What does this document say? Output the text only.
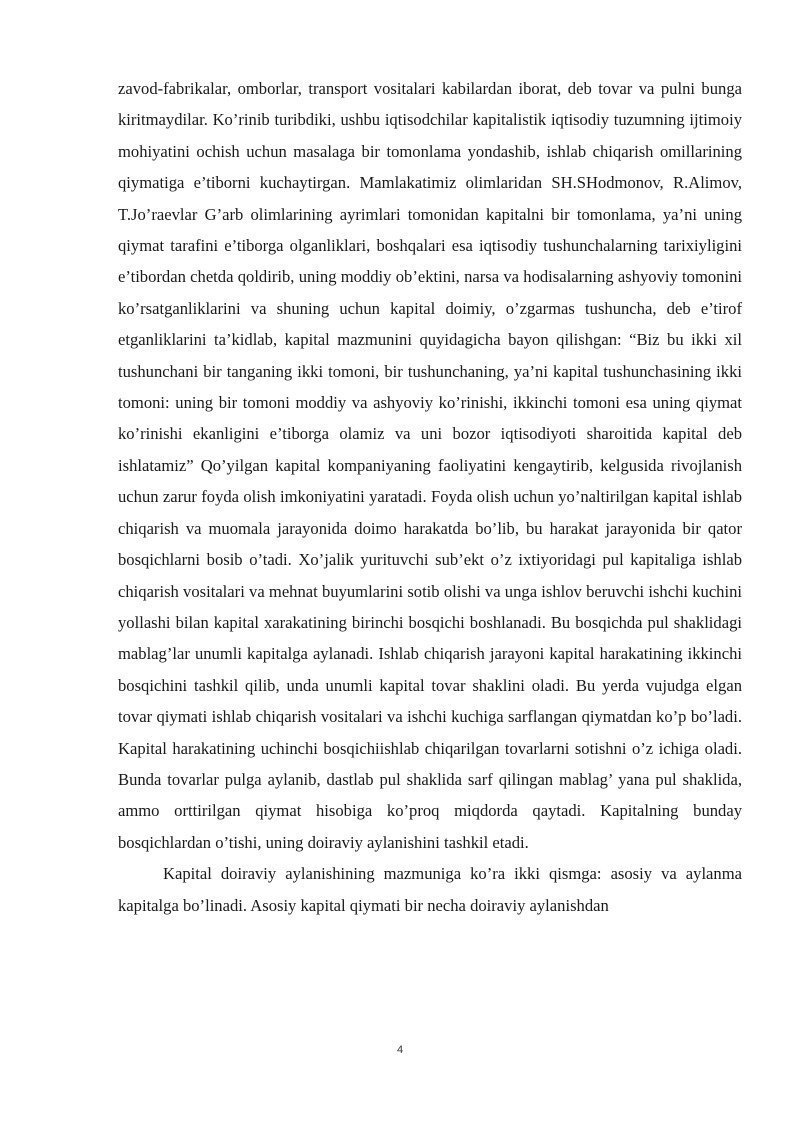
zavod-fabrikalar, omborlar, transport vositalari kabilardan iborat, deb tovar va pulni bunga kiritmaydilar. Ko’rinib turibdiki, ushbu iqtisodchilar kapitalistik iqtisodiy tuzumning ijtimoiy mohiyatini ochish uchun masalaga bir tomonlama yondashib, ishlab chiqarish omillarining qiymatiga e’tiborni kuchaytirgan. Mamlakatimiz olimlaridan SH.SHodmonov, R.Alimov, T.Jo’raevlar G’arb olimlarining ayrimlari tomonidan kapitalni bir tomonlama, ya’ni uning qiymat tarafini e’tiborga olganliklari, boshqalari esa iqtisodiy tushunchalarning tarixiyligini e’tibordan chetda qoldirib, uning moddiy ob’ektini, narsa va hodisalarning ashyoviy tomonini ko’rsatganliklarini va shuning uchun kapital doimiy, o’zgarmas tushuncha, deb e’tirof etganliklarini ta’kidlab, kapital mazmunini quyidagicha bayon qilishgan: “Biz bu ikki xil tushunchani bir tanganing ikki tomoni, bir tushunchaning, ya’ni kapital tushunchasining ikki tomoni: uning bir tomoni moddiy va ashyoviy ko’rinishi, ikkinchi tomoni esa uning qiymat ko’rinishi ekanligini e’tiborga olamiz va uni bozor iqtisodiyoti sharoitida kapital deb ishlatamiz” Qo’yilgan kapital kompaniyaning faoliyatini kengaytirib, kelgusida rivojlanish uchun zarur foyda olish imkoniyatini yaratadi. Foyda olish uchun yo’naltirilgan kapital ishlab chiqarish va muomala jarayonida doimo harakatda bo’lib, bu harakat jarayonida bir qator bosqichlarni bosib o’tadi. Xo’jalik yurituvchi sub’ekt o’z ixtiyoridagi pul kapitaliga ishlab chiqarish vositalari va mehnat buyumlarini sotib olishi va unga ishlov beruvchi ishchi kuchini yollashi bilan kapital xarakatining birinchi bosqichi boshlanadi. Bu bosqichda pul shaklidagi mablag’lar unumli kapitalga aylanadi. Ishlab chiqarish jarayoni kapital harakatining ikkinchi bosqichini tashkil qilib, unda unumli kapital tovar shaklini oladi. Bu yerda vujudga elgan tovar qiymati ishlab chiqarish vositalari va ishchi kuchiga sarflangan qiymatdan ko’p bo’ladi. Kapital harakatining uchinchi bosqichiishlab chiqarilgan tovarlarni sotishni o’z ichiga oladi. Bunda tovarlar pulga aylanib, dastlab pul shaklida sarf qilingan mablag’ yana pul shaklida, ammo orttirilgan qiymat hisobiga ko’proq miqdorda qaytadi. Kapitalning bunday bosqichlardan o’tishi, uning doiraviy aylanishini tashkil etadi.

Kapital doiraviy aylanishining mazmuniga ko’ra ikki qismga: asosiy va aylanma kapitalga bo’linadi. Asosiy kapital qiymati bir necha doiraviy aylanishdan

4
